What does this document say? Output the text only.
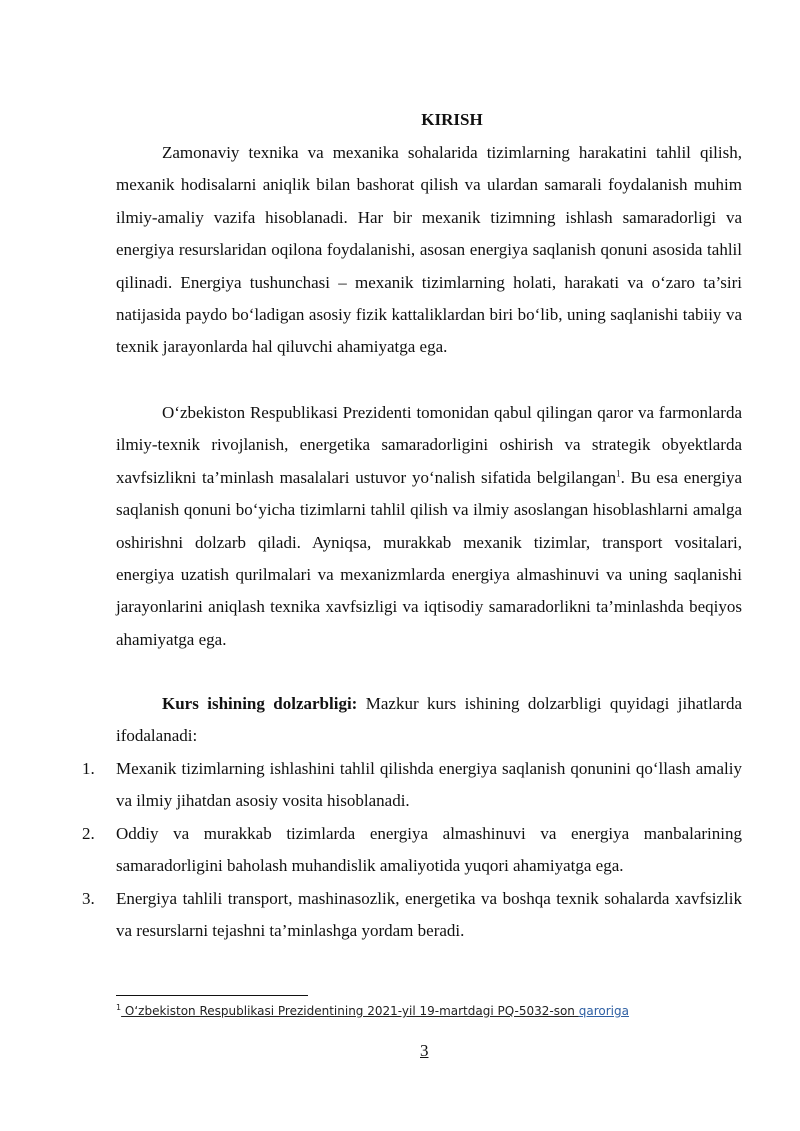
KIRISH

Zamonaviy texnika va mexanika sohalarida tizimlarning harakatini tahlil qilish, mexanik hodisalarni aniqlik bilan bashorat qilish va ulardan samarali foydalanish muhim ilmiy-amaliy vazifa hisoblanadi. Har bir mexanik tizimning ishlash samaradorligi va energiya resurslaridan oqilona foydalanishi, asosan energiya saqlanish qonuni asosida tahlil qilinadi. Energiya tushunchasi – mexanik tizimlarning holati, harakati va o‘zaro ta’siri natijasida paydo bo‘ladigan asosiy fizik kattaliklardan biri bo‘lib, uning saqlanishi tabiiy va texnik jarayonlarda hal qiluvchi ahamiyatga ega.

O‘zbekiston Respublikasi Prezidenti tomonidan qabul qilingan qaror va farmonlarda ilmiy-texnik rivojlanish, energetika samaradorligini oshirish va strategik obyektlarda xavfsizlikni ta’minlash masalalari ustuvor yo‘nalish sifatida belgilangan$^1$. Bu esa energiya saqlanish qonuni bo‘yicha tizimlarni tahlil qilish va ilmiy asoslangan hisoblashlarni amalga oshirishni dolzarb qiladi. Ayniqsa, murakkab mexanik tizimlar, transport vositalari, energiya uzatish qurilmalari va mexanizmlarda energiya almashinuvi va uning saqlanishi jarayonlarini aniqlash texnika xavfsizligi va iqtisodiy samaradorlikni ta’minlashda beqiyos ahamiyatga ega.

Kurs ishining dolzarbligi: Mazkur kurs ishining dolzarbligi quyidagi jihatlarda ifodalanadi:

1. Mexanik tizimlarning ishlashini tahlil qilishda energiya saqlanish qonunini qo‘llash amaliy va ilmiy jihatdan asosiy vosita hisoblanadi.
2. Oddiy va murakkab tizimlarda energiya almashinuvi va energiya manbalarining samaradorligini baholash muhandislik amaliyotida yuqori ahamiyatga ega.
3. Energiya tahlili transport, mashinasozlik, energetika va boshqa texnik sohalarda xavfsizlik va resurslarni tejashni ta’minlashga yordam beradi.
$^1$ O‘zbekiston Respublikasi Prezidentining 2021-yil 19-martdagi PQ-5032-son qaroriga
3
